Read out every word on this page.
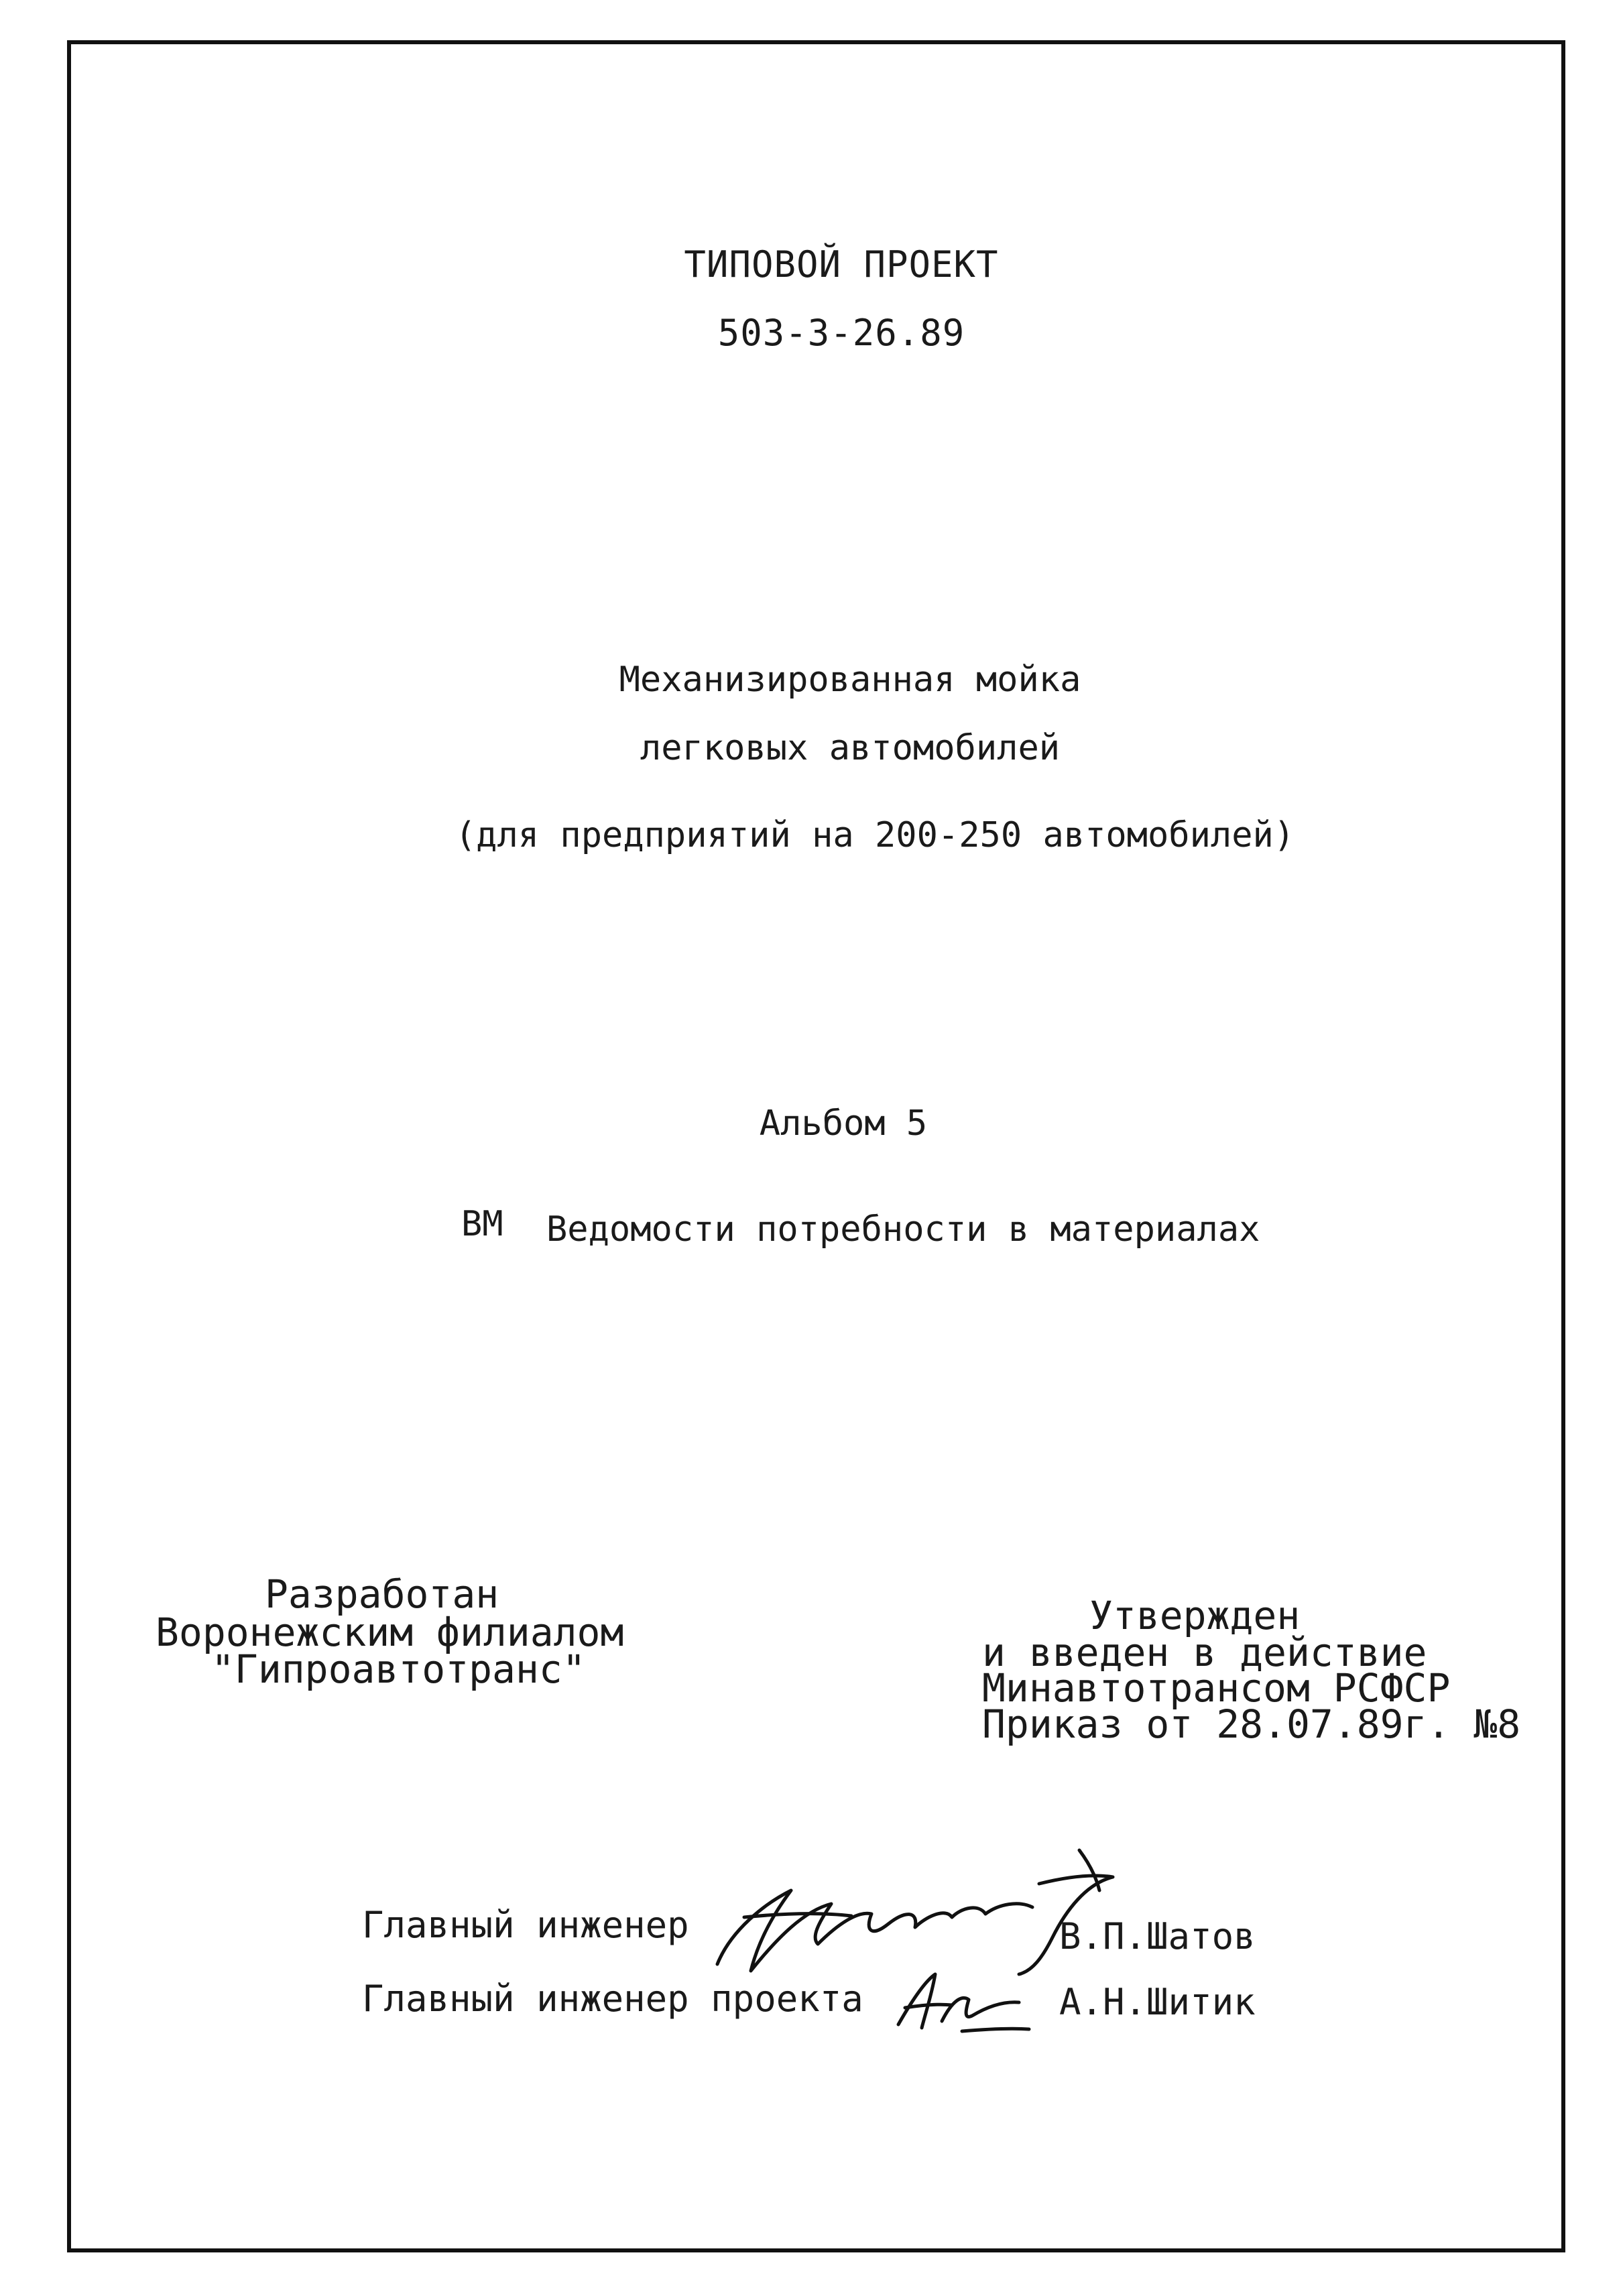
ТИПОВОЙ ПРОЕКТ
503-3-26.89
Механизированная мойка
легковых автомобилей
(для предприятий на 200-250 автомобилей)
Альбом 5
ВМ Ведомости потребности в материалах
Разработан
Воронежским филиалом
"Гипроавтотранс"
Утвержден
и введен в действие
Минавтотрансом РСФСР
Приказ от 28.07.89г. №8
Главный инженер	В.П.Шатов
Главный инженер проекта	А.Н.Шитик
